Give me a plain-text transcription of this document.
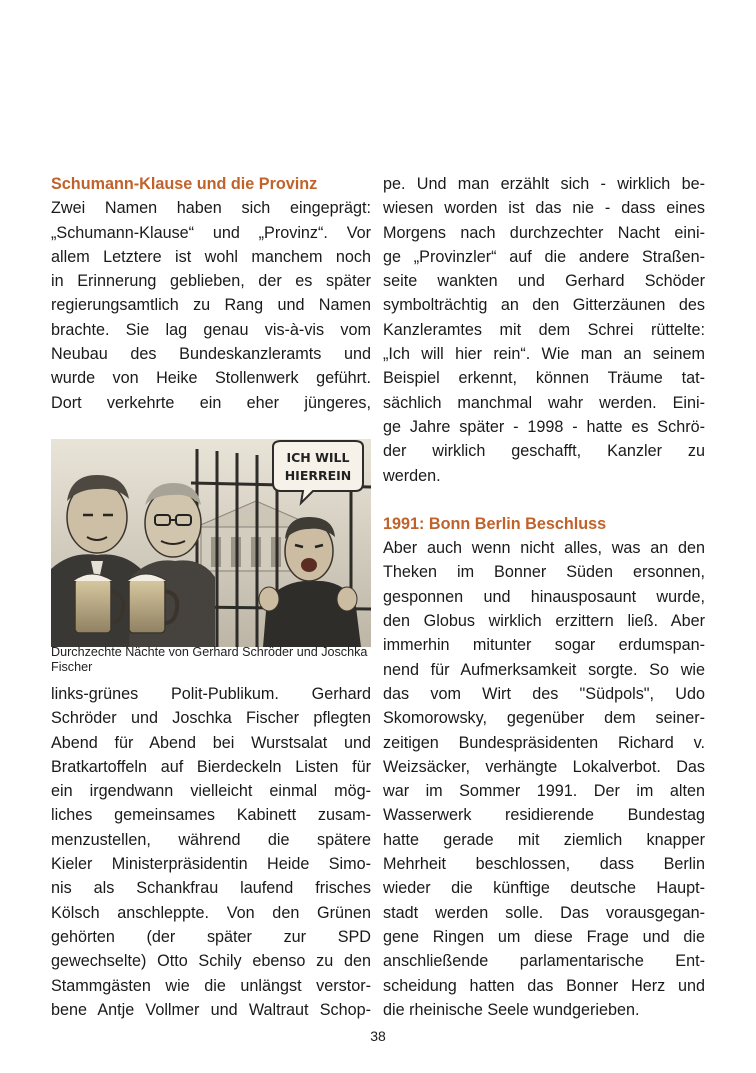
Schumann-Klause und die Provinz
Zwei Namen haben sich eingeprägt:
„Schumann-Klause“ und „Provinz“. Vor
allem Letztere ist wohl manchem noch
in Erinnerung geblieben, der es später
regierungsamtlich zu Rang und Namen
brachte. Sie lag genau vis-à-vis vom
Neubau des Bundeskanzleramts und
wurde von Heike Stollenwerk geführt.
Dort verkehrte ein eher jüngeres,
ICH WILL
HIERREIN
Durchzechte Nächte von Gerhard Schröder und Joschka Fischer
links-grünes Polit-Publikum. Gerhard
Schröder und Joschka Fischer pflegten
Abend für Abend bei Wurstsalat und
Bratkartoffeln auf Bierdeckeln Listen für
ein irgendwann vielleicht einmal mög-
liches gemeinsames Kabinett zusam-
menzustellen, während die spätere
Kieler Ministerpräsidentin Heide Simo-
nis als Schankfrau laufend frisches
Kölsch anschleppte. Von den Grünen
gehörten (der später zur SPD
gewechselte) Otto Schily ebenso zu den
Stammgästen wie die unlängst verstor-
bene Antje Vollmer und Waltraut Schop-
pe. Und man erzählt sich - wirklich be-
wiesen worden ist das nie - dass eines
Morgens nach durchzechter Nacht eini-
ge „Provinzler“ auf die andere Straßen-
seite wankten und Gerhard Schöder
symbolträchtig an den Gitterzäunen des
Kanzleramtes mit dem Schrei rüttelte:
„Ich will hier rein“. Wie man an seinem
Beispiel erkennt, können Träume tat-
sächlich manchmal wahr werden. Eini-
ge Jahre später - 1998 - hatte es Schrö-
der wirklich geschafft, Kanzler zu
werden.
1991: Bonn Berlin Beschluss
Aber auch wenn nicht alles, was an den
Theken im Bonner Süden ersonnen,
gesponnen und hinausposaunt wurde,
den Globus wirklich erzittern ließ. Aber
immerhin mitunter sogar erdumspan-
nend für Aufmerksamkeit sorgte. So wie
das vom Wirt des "Südpols", Udo
Skomorowsky, gegenüber dem seiner-
zeitigen Bundespräsidenten Richard v.
Weizsäcker, verhängte Lokalverbot. Das
war im Sommer 1991. Der im alten
Wasserwerk residierende Bundestag
hatte gerade mit ziemlich knapper
Mehrheit beschlossen, dass Berlin
wieder die künftige deutsche Haupt-
stadt werden solle. Das vorausgegan-
gene Ringen um diese Frage und die
anschließende parlamentarische Ent-
scheidung hatten das Bonner Herz und
die rheinische Seele wundgerieben.
38
